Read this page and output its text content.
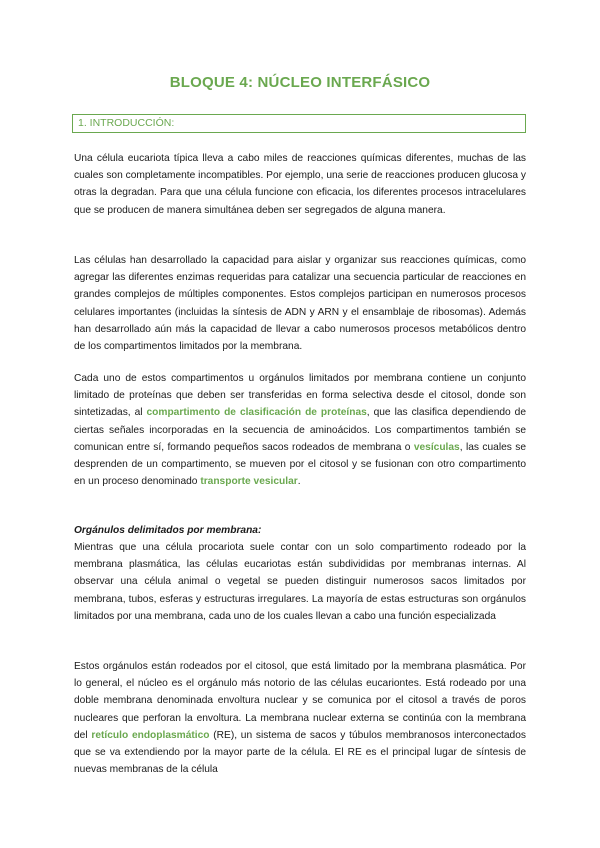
BLOQUE 4: NÚCLEO INTERFÁSICO
1. INTRODUCCIÓN:
Una célula eucariota típica lleva a cabo miles de reacciones químicas diferentes, muchas de las cuales son completamente incompatibles. Por ejemplo, una serie de reacciones producen glucosa y otras la degradan. Para que una célula funcione con eficacia, los diferentes procesos intracelulares que se producen de manera simultánea deben ser segregados de alguna manera.
Las células han desarrollado la capacidad para aislar y organizar sus reacciones químicas, como agregar las diferentes enzimas requeridas para catalizar una secuencia particular de reacciones en grandes complejos de múltiples componentes. Estos complejos participan en numerosos procesos celulares importantes (incluidas la síntesis de ADN y ARN y el ensamblaje de ribosomas). Además han desarrollado aún más la capacidad de llevar a cabo numerosos procesos metabólicos dentro de los compartimentos limitados por la membrana.
Cada uno de estos compartimentos u orgánulos limitados por membrana contiene un conjunto limitado de proteínas que deben ser transferidas en forma selectiva desde el citosol, donde son sintetizadas, al compartimento de clasificación de proteínas, que las clasifica dependiendo de ciertas señales incorporadas en la secuencia de aminoácidos. Los compartimentos también se comunican entre sí, formando pequeños sacos rodeados de membrana o vesículas, las cuales se desprenden de un compartimento, se mueven por el citosol y se fusionan con otro compartimento en un proceso denominado transporte vesicular.
Orgánulos delimitados por membrana:
Mientras que una célula procariota suele contar con un solo compartimento rodeado por la membrana plasmática, las células eucariotas están subdivididas por membranas internas. Al observar una célula animal o vegetal se pueden distinguir numerosos sacos limitados por membrana, tubos, esferas y estructuras irregulares. La mayoría de estas estructuras son orgánulos limitados por una membrana, cada uno de los cuales llevan a cabo una función especializada
Estos orgánulos están rodeados por el citosol, que está limitado por la membrana plasmática. Por lo general, el núcleo es el orgánulo más notorio de las células eucariontes. Está rodeado por una doble membrana denominada envoltura nuclear y se comunica por el citosol a través de poros nucleares que perforan la envoltura. La membrana nuclear externa se continúa con la membrana del retículo endoplasmático (RE), un sistema de sacos y túbulos membranosos interconectados que se va extendiendo por la mayor parte de la célula. El RE es el principal lugar de síntesis de nuevas membranas de la célula
